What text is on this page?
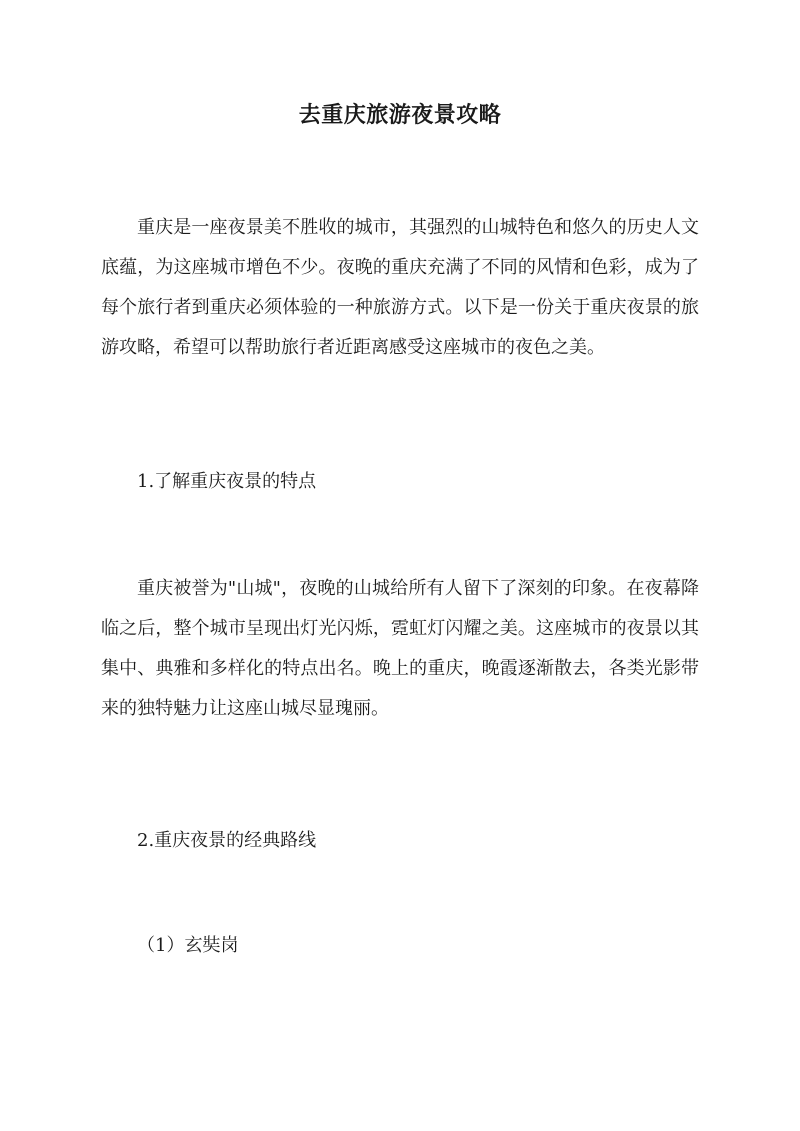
去重庆旅游夜景攻略
重庆是一座夜景美不胜收的城市，其强烈的山城特色和悠久的历史人文底蕴，为这座城市增色不少。夜晚的重庆充满了不同的风情和色彩，成为了每个旅行者到重庆必须体验的一种旅游方式。以下是一份关于重庆夜景的旅游攻略，希望可以帮助旅行者近距离感受这座城市的夜色之美。
1.了解重庆夜景的特点
重庆被誉为"山城"，夜晚的山城给所有人留下了深刻的印象。在夜幕降临之后，整个城市呈现出灯光闪烁，霓虹灯闪耀之美。这座城市的夜景以其集中、典雅和多样化的特点出名。晚上的重庆，晚霞逐渐散去，各类光影带来的独特魅力让这座山城尽显瑰丽。
2.重庆夜景的经典路线
（1）玄奘岗
